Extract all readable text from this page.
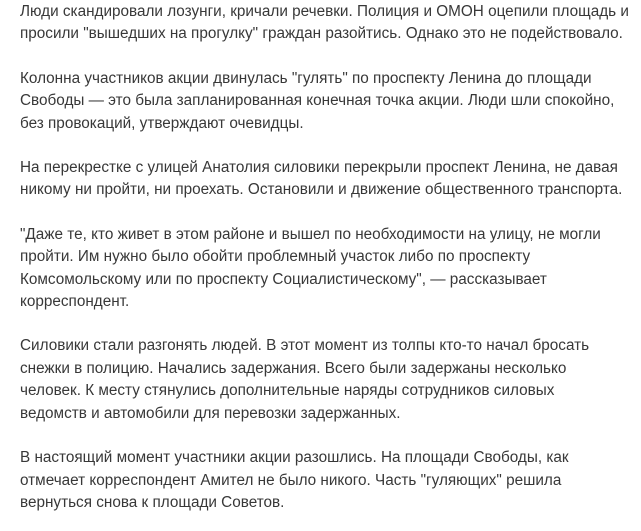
Люди скандировали лозунги, кричали речевки. Полиция и ОМОН оцепили площадь и
просили "вышедших на прогулку" граждан разойтись. Однако это не подействовало.

Колонна участников акции двинулась "гулять" по проспекту Ленина до площади
Свободы — это была запланированная конечная точка акции. Люди шли спокойно,
без провокаций, утверждают очевидцы.

На перекрестке с улицей Анатолия силовики перекрыли проспект Ленина, не давая
никому ни пройти, ни проехать. Остановили и движение общественного транспорта.

"Даже те, кто живет в этом районе и вышел по необходимости на улицу, не могли
пройти. Им нужно было обойти проблемный участок либо по проспекту
Комсомольскому или по проспекту Социалистическому", — рассказывает
корреспондент.

Силовики стали разгонять людей. В этот момент из толпы кто-то начал бросать
снежки в полицию. Начались задержания. Всего были задержаны несколько
человек. К месту стянулись дополнительные наряды сотрудников силовых
ведомств и автомобили для перевозки задержанных.

В настоящий момент участники акции разошлись. На площади Свободы, как
отмечает корреспондент Амител не было никого. Часть "гуляющих" решила
вернуться снова к площади Советов.
